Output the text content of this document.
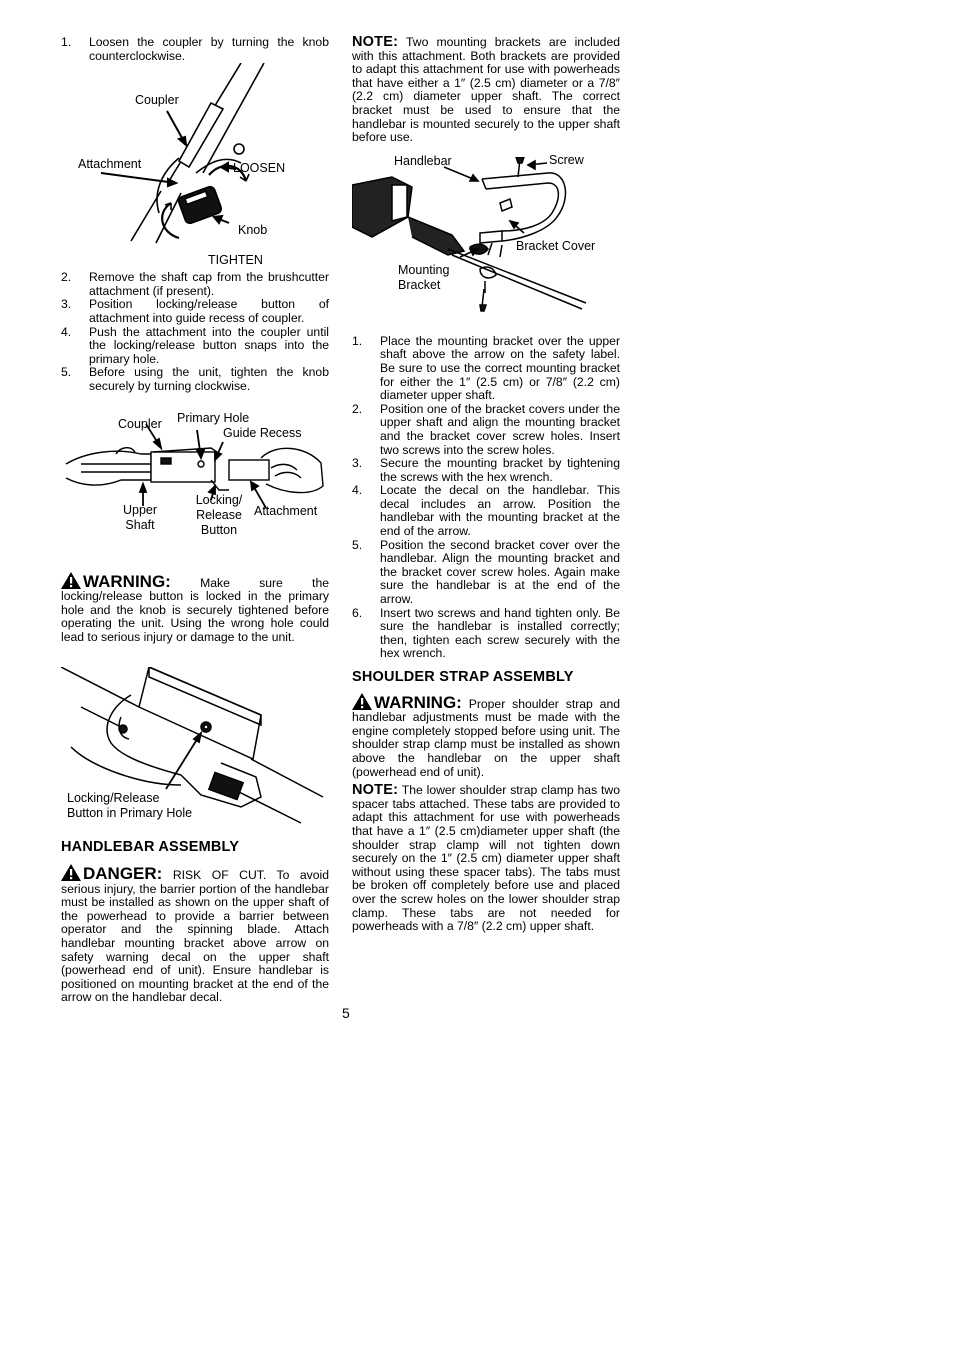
1. Loosen the coupler by turning the knob counterclockwise.
Coupler
Attachment	LOOSEN
Knob
TIGHTEN
2. Remove the shaft cap from the brushcutter attachment (if present).
3. Position locking/release button of attachment into guide recess of coupler.
4. Push the attachment into the coupler until the locking/release button snaps into the primary hole.
5. Before using the unit, tighten the knob securely by turning clockwise.
Coupler Primary Hole
Guide Recess
Upper
Shaft
Locking/
Release
Button
Attachment

WARNING: Make sure the locking/release button is locked in the primary hole and the knob is securely tightened before operating the unit. Using the wrong hole could lead to serious injury or damage to the unit.

Locking/Release
Button in Primary Hole
HANDLEBAR ASSEMBLY

DANGER: RISK OF CUT. To avoid serious injury, the barrier portion of the handlebar must be installed as shown on the upper shaft of the powerhead to provide a barrier between operator and the spinning blade. Attach handlebar mounting bracket above arrow on safety warning decal on the upper shaft (powerhead end of unit). Ensure handlebar is positioned on mounting bracket at the end of the arrow on the handlebar decal.

NOTE: Two mounting brackets are included with this attachment. Both brackets are provided to adapt this attachment for use with powerheads that have either a 1″ (2.5 cm) diameter or a 7/8″ (2.2 cm) diameter upper shaft. The correct bracket must be used to ensure that the handlebar is mounted securely to the upper shaft before use.

Handlebar	Screw
Bracket Cover
Mounting
Bracket
1. Place the mounting bracket over the upper shaft above the arrow on the safety label. Be sure to use the correct mounting bracket for either the 1″ (2.5 cm) or 7/8″ (2.2 cm) diameter upper shaft.
2. Position one of the bracket covers under the upper shaft and align the mounting bracket and the bracket cover screw holes. Insert two screws into the screw holes.
3. Secure the mounting bracket by tightening the screws with the hex wrench.
4. Locate the decal on the handlebar. This decal includes an arrow. Position the handlebar with the mounting bracket at the end of the arrow.
5. Position the second bracket cover over the handlebar. Align the mounting bracket and the bracket cover screw holes. Again make sure the handlebar is at the end of the arrow.
6. Insert two screws and hand tighten only. Be sure the handlebar is installed correctly; then, tighten each screw securely with the hex wrench.
SHOULDER STRAP ASSEMBLY

WARNING: Proper shoulder strap and handlebar adjustments must be made with the engine completely stopped before using unit. The shoulder strap clamp must be installed as shown above the handlebar on the upper shaft (powerhead end of unit).

NOTE: The lower shoulder strap clamp has two spacer tabs attached. These tabs are provided to adapt this attachment for use with powerheads that have a 1″ (2.5 cm)diameter upper shaft (the shoulder strap clamp will not tighten down securely on the 1″ (2.5 cm) diameter upper shaft without using these spacer tabs). The tabs must be broken off completely before use and placed over the screw holes on the lower shoulder strap clamp. These tabs are not needed for powerheads with a 7/8″ (2.2 cm) upper shaft.

5
